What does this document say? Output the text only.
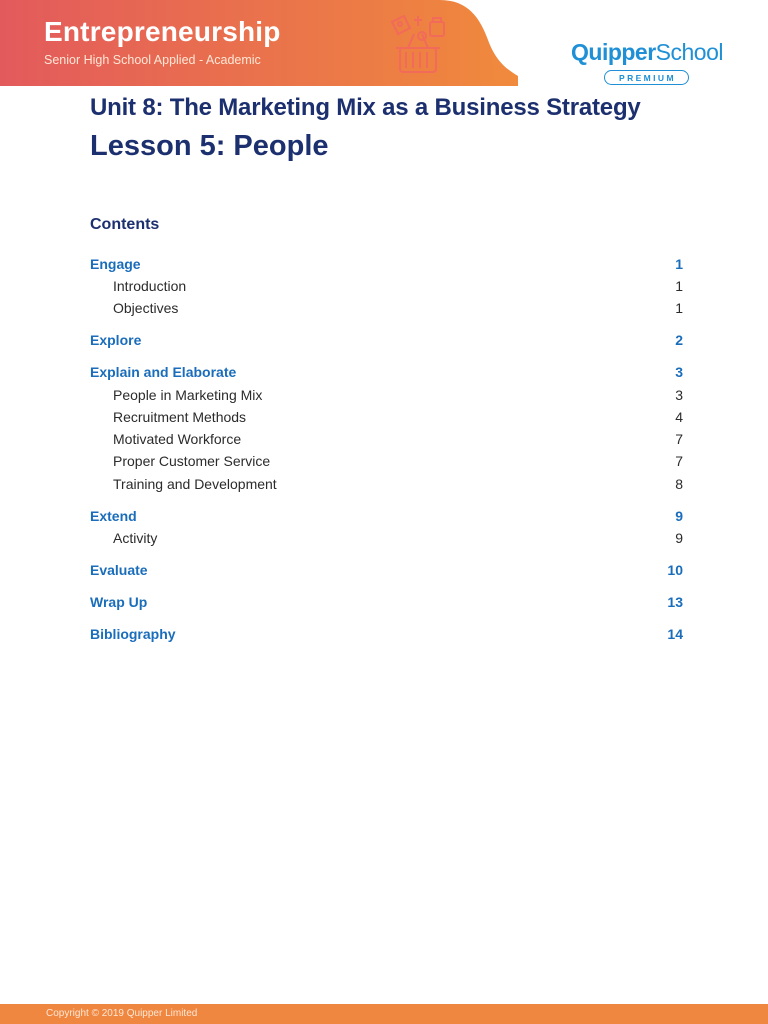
Entrepreneurship
Senior High School Applied - Academic	QuipperSchool
PREMIUM
Unit 8: The Marketing Mix as a Business Strategy
Lesson 5: People
Contents
Engage	1
Introduction	1
Objectives	1
Explore	2
Explain and Elaborate	3
People in Marketing Mix	3
Recruitment Methods	4
Motivated Workforce	7
Proper Customer Service	7
Training and Development	8
Extend	9
Activity	9
Evaluate	10
Wrap Up	13
Bibliography	14
Copyright © 2019 Quipper Limited
